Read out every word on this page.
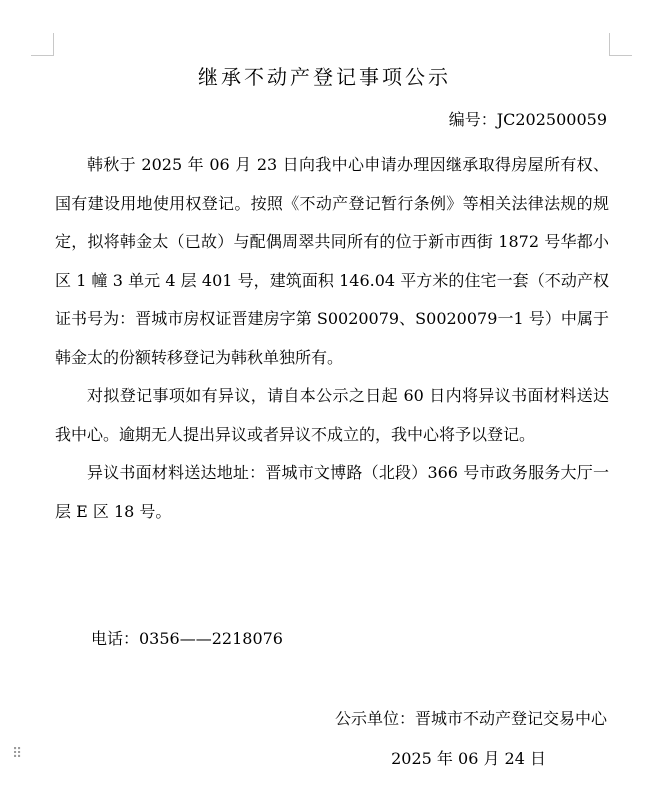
继承不动产登记事项公示
编号：JC202500059

韩秋于 2025 年 06 月 23 日向我中心申请办理因继承取得房屋所有权、国有建设用地使用权登记。按照《不动产登记暂行条例》等相关法律法规的规定，拟将韩金太（已故）与配偶周翠共同所有的位于新市西街 1872 号华都小区 1 幢 3 单元 4 层 401 号，建筑面积 146.04 平方米的住宅一套（不动产权证书号为：晋城市房权证晋建房字第 S0020079、S0020079一1 号）中属于韩金太的份额转移登记为韩秋单独所有。

对拟登记事项如有异议，请自本公示之日起 60 日内将异议书面材料送达我中心。逾期无人提出异议或者异议不成立的，我中心将予以登记。

异议书面材料送达地址：晋城市文博路（北段）366 号市政务服务大厅一层 E 区 18 号。

电话：0356——2218076
公示单位：晋城市不动产登记交易中心
2025 年 06 月 24 日
⠿
